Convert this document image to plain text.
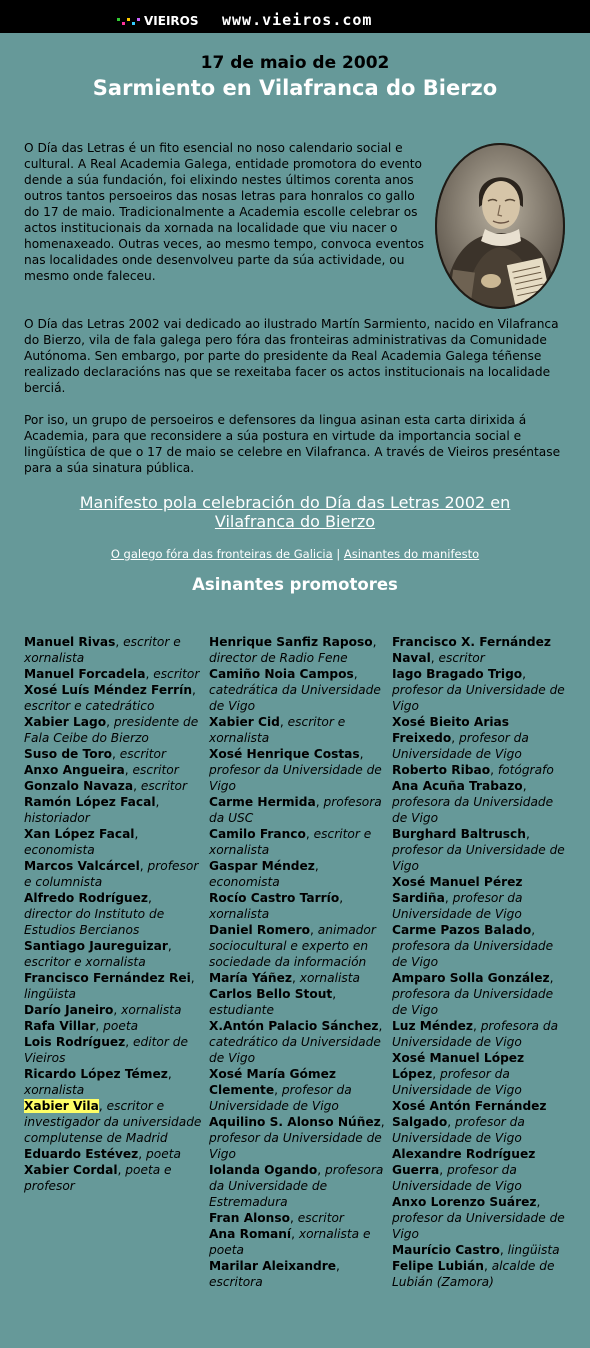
VIEIROS www.vieiros.com
17 de maio de 2002
Sarmiento en Vilafranca do Bierzo

O Día das Letras é un fito esencial no noso calendario social e cultural. A Real Academia Galega, entidade promotora do evento dende a súa fundación, foi elixindo nestes últimos corenta anos outros tantos persoeiros das nosas letras para honralos co gallo do 17 de maio. Tradicionalmente a Academia escolle celebrar os actos institucionais da xornada na localidade que viu nacer o homenaxeado. Outras veces, ao mesmo tempo, convoca eventos nas localidades onde desenvolveu parte da súa actividade, ou mesmo onde faleceu.

O Día das Letras 2002 vai dedicado ao ilustrado Martín Sarmiento, nacido en Vilafranca do Bierzo, vila de fala galega pero fóra das fronteiras administrativas da Comunidade Autónoma. Sen embargo, por parte do presidente da Real Academia Galega téñense realizado declaracións nas que se rexeitaba facer os actos institucionais na localidade berciá.

Por iso, un grupo de persoeiros e defensores da lingua asinan esta carta dirixida á Academia, para que reconsidere a súa postura en virtude da importancia social e lingüística de que o 17 de maio se celebre en Vilafranca. A través de Vieiros preséntase para a súa sinatura pública.

Manifesto pola celebración do Día das Letras 2002 en Vilafranca do Bierzo
O galego fóra das fronteiras de Galicia | Asinantes do manifesto
Asinantes promotores

Manuel Rivas, escritor e xornalista

Manuel Forcadela, escritor

Xosé Luís Méndez Ferrín, escritor e catedrático

Xabier Lago, presidente de Fala Ceibe do Bierzo

Suso de Toro, escritor

Anxo Angueira, escritor

Gonzalo Navaza, escritor

Ramón López Facal, historiador

Xan López Facal, economista

Marcos Valcárcel, profesor e columnista

Alfredo Rodríguez, director do Instituto de Estudios Bercianos

Santiago Jaureguizar, escritor e xornalista

Francisco Fernández Rei, lingüista

Darío Janeiro, xornalista

Rafa Villar, poeta

Lois Rodríguez, editor de Vieiros

Ricardo López Témez, xornalista

Xabier Vila, escritor e investigador da universidade complutense de Madrid

Eduardo Estévez, poeta

Xabier Cordal, poeta e profesor

Henrique Sanfiz Raposo, director de Radio Fene

Camiño Noia Campos, catedrática da Universidade de Vigo

Xabier Cid, escritor e xornalista

Xosé Henrique Costas, profesor da Universidade de Vigo

Carme Hermida, profesora da USC

Camilo Franco, escritor e xornalista

Gaspar Méndez, economista

Rocío Castro Tarrío, xornalista

Daniel Romero, animador sociocultural e experto en sociedade da información

María Yáñez, xornalista

Carlos Bello Stout, estudiante

X.Antón Palacio Sánchez, catedrático da Universidade de Vigo

Xosé María Gómez Clemente, profesor da Universidade de Vigo

Aquilino S. Alonso Núñez, profesor da Universidade de Vigo

Iolanda Ogando, profesora da Universidade de Estremadura

Fran Alonso, escritor

Ana Romaní, xornalista e poeta

Marilar Aleixandre, escritora

Francisco X. Fernández Naval, escritor

Iago Bragado Trigo, profesor da Universidade de Vigo

Xosé Bieito Arias Freixedo, profesor da Universidade de Vigo

Roberto Ribao, fotógrafo

Ana Acuña Trabazo, profesora da Universidade de Vigo

Burghard Baltrusch, profesor da Universidade de Vigo

Xosé Manuel Pérez Sardiña, profesor da Universidade de Vigo

Carme Pazos Balado, profesora da Universidade de Vigo

Amparo Solla González, profesora da Universidade de Vigo

Luz Méndez, profesora da Universidade de Vigo

Xosé Manuel López López, profesor da Universidade de Vigo

Xosé Antón Fernández Salgado, profesor da Universidade de Vigo

Alexandre Rodríguez Guerra, profesor da Universidade de Vigo

Anxo Lorenzo Suárez, profesor da Universidade de Vigo

Maurício Castro, lingüista

Felipe Lubián, alcalde de Lubián (Zamora)
